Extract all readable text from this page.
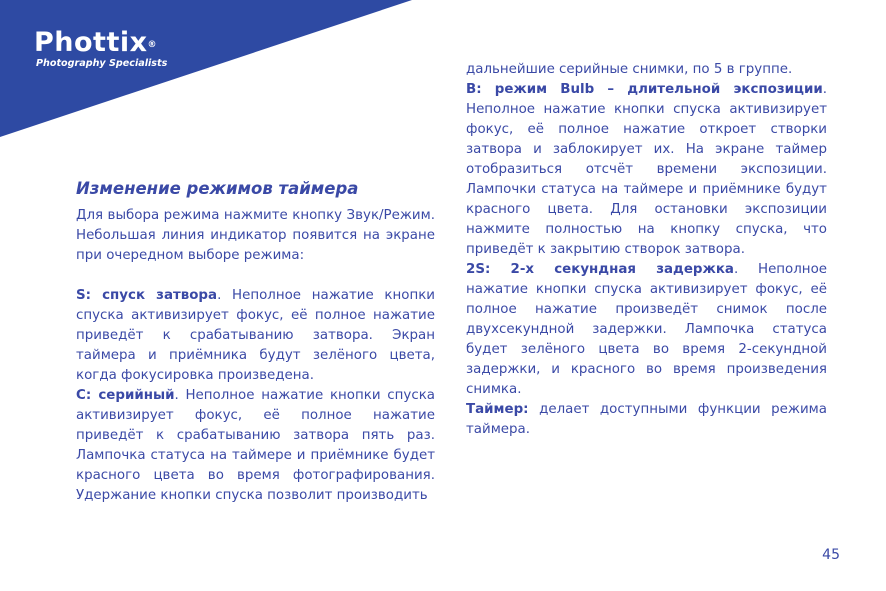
Phottix®
Photography Specialists
Изменение режимов таймера

Для выбора режима нажмите кнопку Звук/Режим. Небольшая линия индикатор появится на экране при очередном выборе режима:

S: спуск затвора. Неполное нажатие кнопки спуска активизирует фокус, её полное нажатие приведёт к срабатыванию затвора. Экран таймера и приёмника будут зелёного цвета, когда фокусировка произведена.

C: серийный. Неполное нажатие кнопки спуска активизирует фокус, её полное нажатие приведёт к срабатыванию затвора пять раз. Лампочка статуса на таймере и приёмнике будет красного цвета во время фотографирования. Удержание кнопки спуска позволит производить

дальнейшие серийные снимки, по 5 в группе.

B: режим Bulb – длительной экспозиции. Неполное нажатие кнопки спуска активизирует фокус, её полное нажатие откроет створки затвора и заблокирует их. На экране таймер отобразиться отсчёт времени экспозиции. Лампочки статуса на таймере и приёмнике будут красного цвета. Для остановки экспозиции нажмите полностью на кнопку спуска, что приведёт к закрытию створок затвора.

2S: 2-х секундная задержка. Неполное нажатие кнопки спуска активизирует фокус, её полное нажатие произведёт снимок после двухсекундной задержки. Лампочка статуса будет зелёного цвета во время 2-секундной задержки, и красного во время произведения снимка.

Таймер: делает доступными функции режима таймера.

45
